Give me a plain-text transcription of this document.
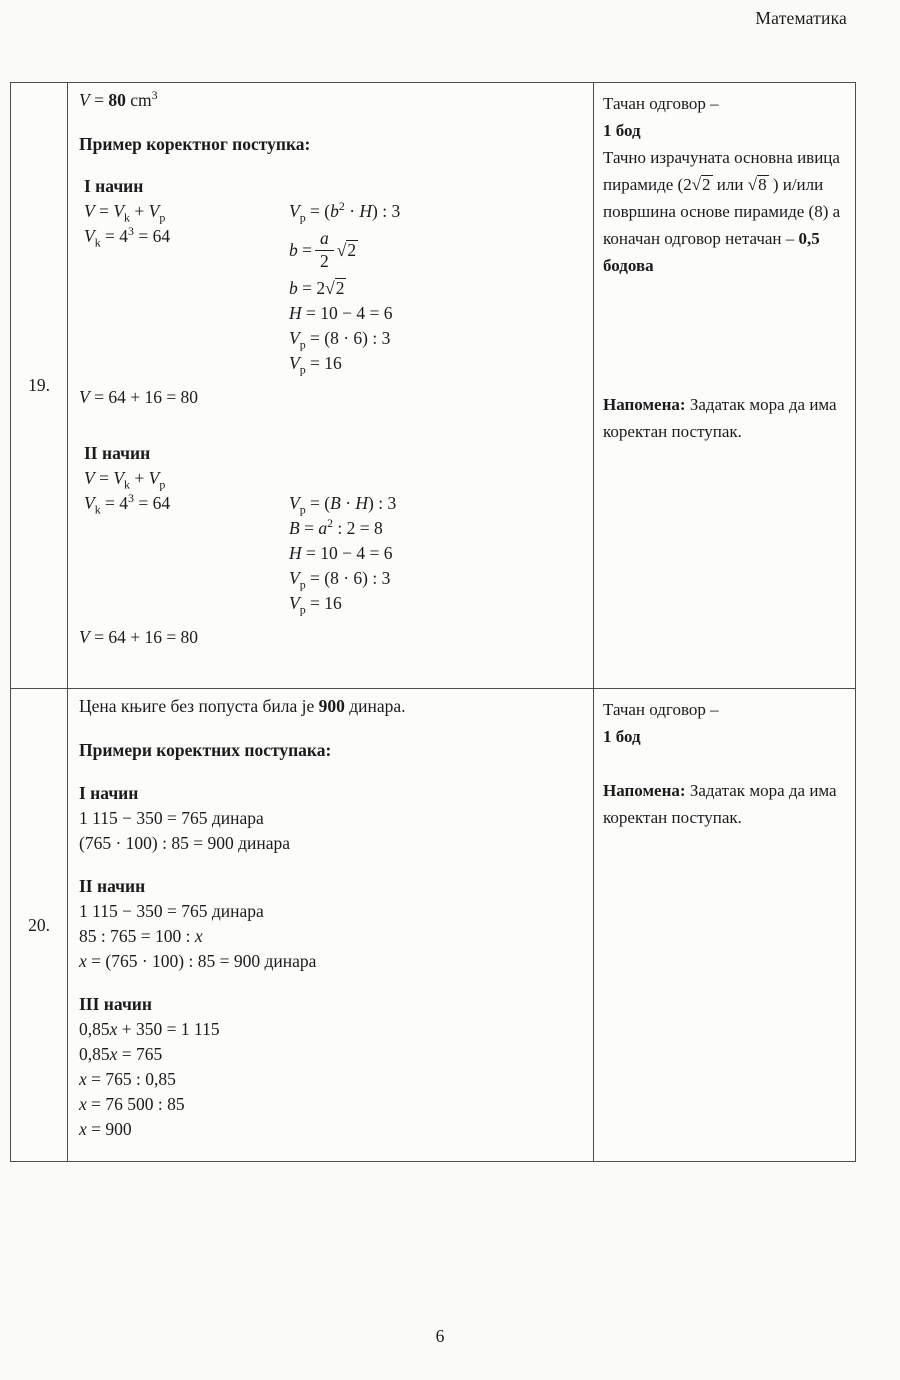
Математика
19.	
V = 80 $cm^3$
Пример коректног поступка:
I начин
$V = V_k + V_p$
$V_k = 4^3 = 64$
$V_p = (b^2 \cdot H)$ : 3
$b = \frac{a}{2} √2$
b = 2√2
H = 10 − 4 = 6
$V_p = (8 \cdot 6)$ : 3
$V_p = 16$
V = 64 + 16 = 80
II начин
$V = V_k + V_p$
$V_k = 4^3 = 64$	$V_p = (B \cdot H)$ : 3
$B = a^2$ : 2 = 8
H = 10 − 4 = 6
$V_p = (8 \cdot 6)$ : 3
$V_p = 16$
V = 64 + 16 = 80

Тачан одговор –
1 бод
Тачно израчуната основна ивица пирамиде (2√2 или √8 ) и/или површина основе пирамиде (8) а коначан одговор нетачан – 0,5 бодова
Напомена: Задатак мора да има коректан поступак.

20.	
Цена књиге без попуста била је 900 динара.
Примери коректних поступака:
I начин
1 115 − 350 = 765 динара
(765 · 100) : 85 = 900 динара
II начин
1 115 − 350 = 765 динара
85 : 765 = 100 : x
x = (765 · 100) : 85 = 900 динара
III начин
0,85x + 350 = 1 115
0,85x = 765
x = 765 : 0,85
x = 76 500 : 85
x = 900

Тачан одговор –
1 бод
Напомена: Задатак мора да има коректан поступак.
6
